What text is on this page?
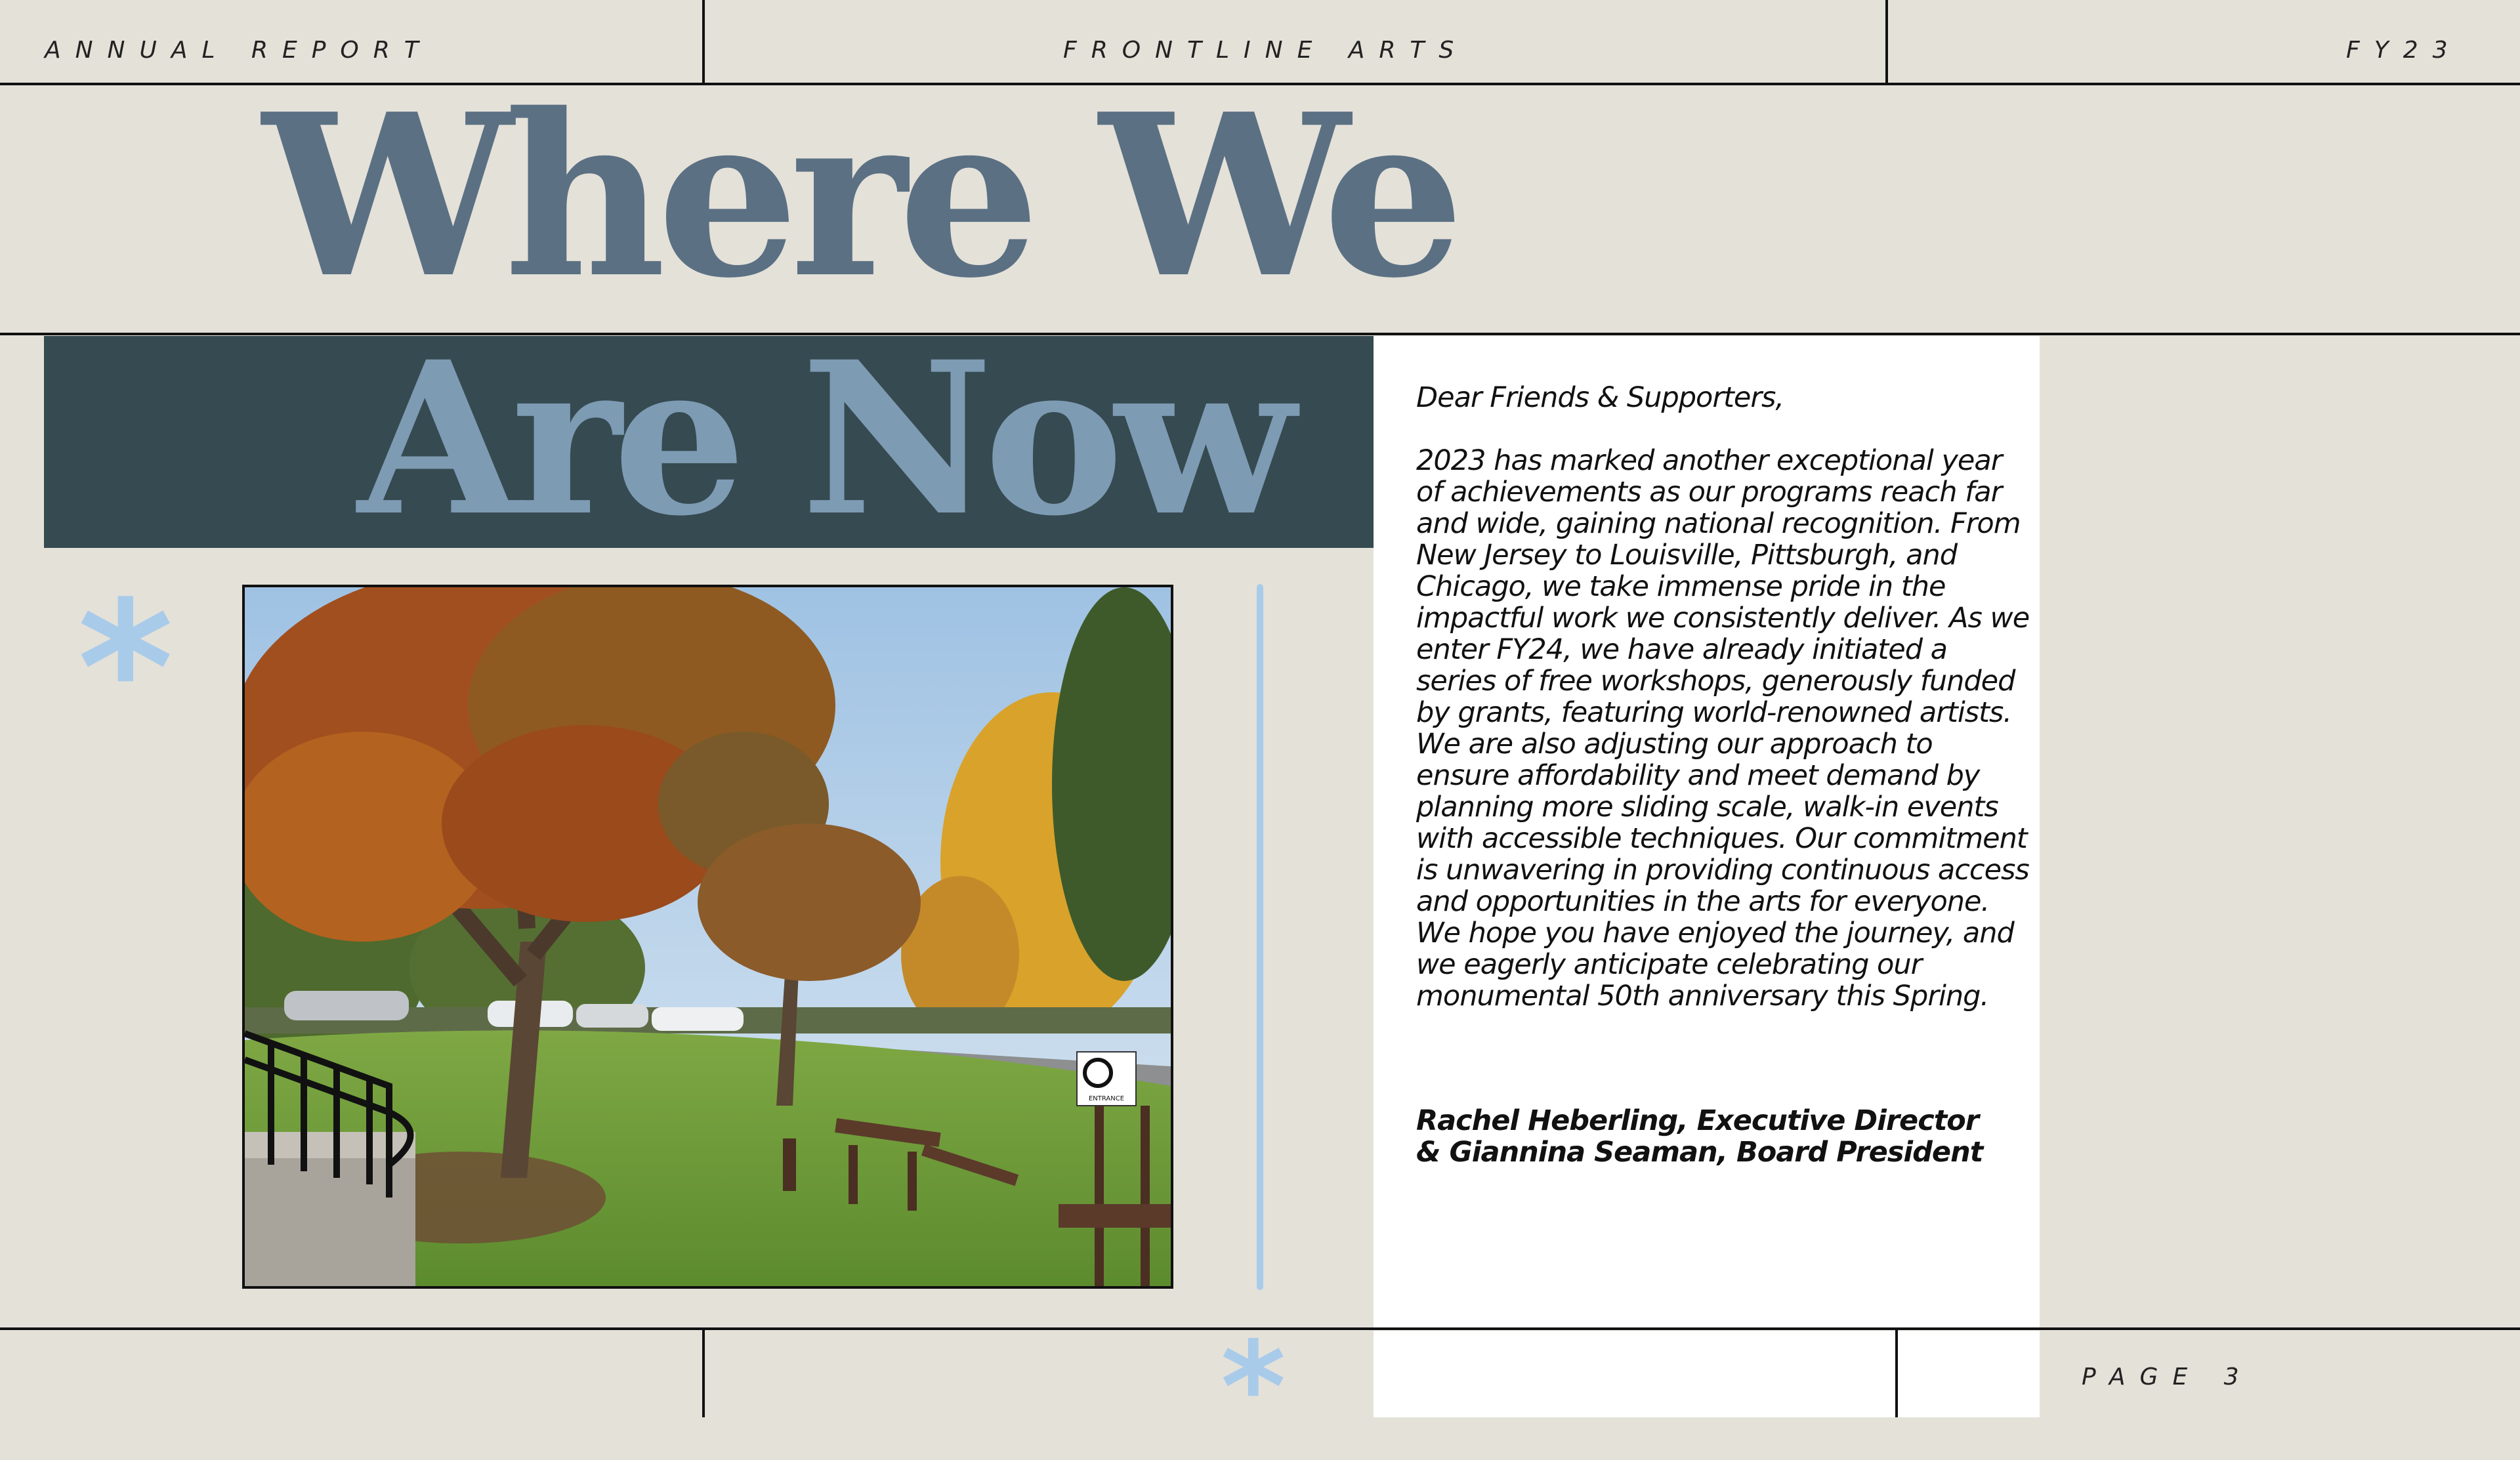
ANNUAL REPORT	FRONTLINE ARTS	FY23
Where We
Are Now	Dear Friends & Supporters,
2023 has marked another exceptional year of achievements as our programs reach far and wide, gaining national recognition. From New Jersey to Louisville, Pittsburgh, and Chicago, we take immense pride in the impactful work we consistently deliver. As we enter FY24, we have already initiated a series of free workshops, generously funded by grants, featuring world-renowned artists. We are also adjusting our approach to ensure affordability and meet demand by planning more sliding scale, walk-in events with accessible techniques. Our commitment is unwavering in providing continuous access and opportunities in the arts for everyone. We hope you have enjoyed the journey, and we eagerly anticipate celebrating our monumental 50th anniversary this Spring.
Rachel Heberling, Executive Director
& Giannina Seaman, Board President
*
ENTRANCE
*	PAGE 3
